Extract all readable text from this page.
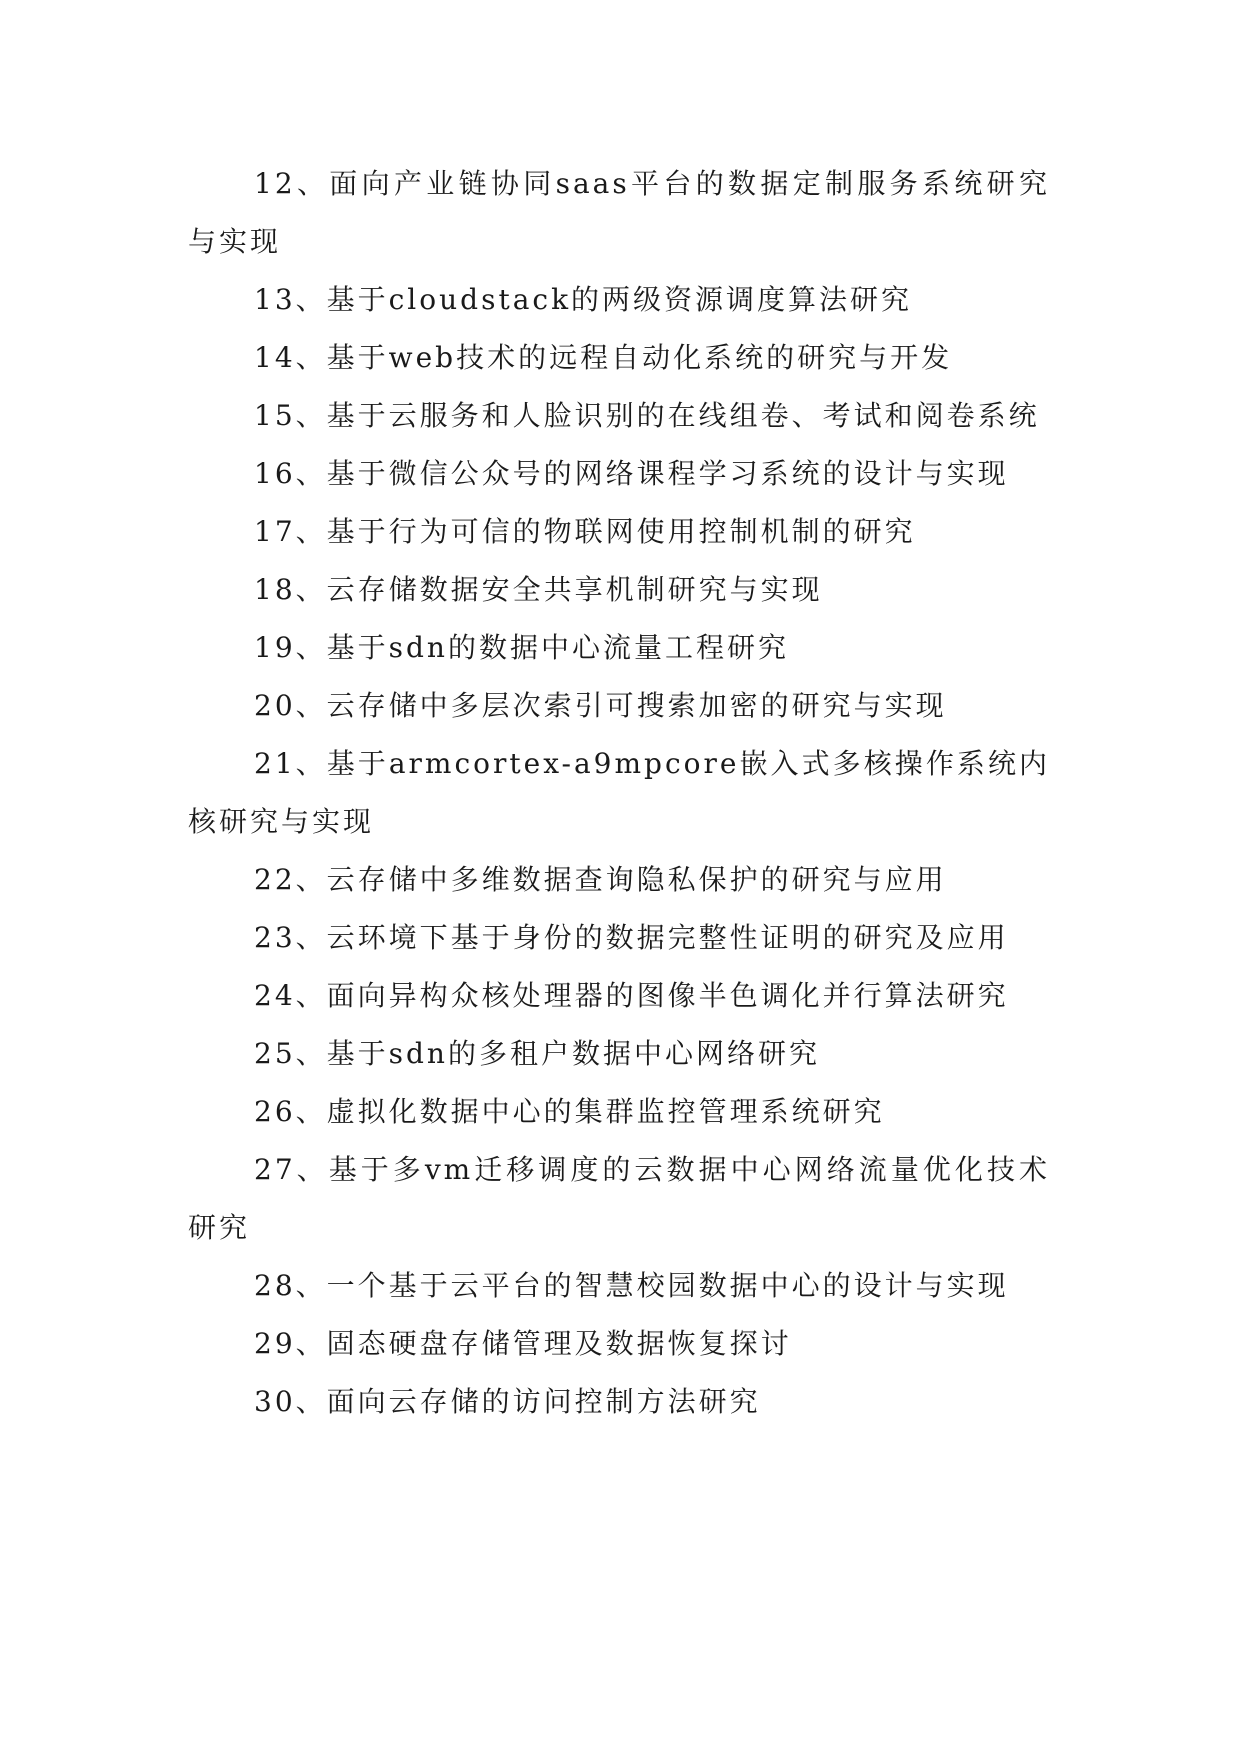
12、面向产业链协同saas平台的数据定制服务系统研究与实现
13、基于cloudstack的两级资源调度算法研究
14、基于web技术的远程自动化系统的研究与开发
15、基于云服务和人脸识别的在线组卷、考试和阅卷系统
16、基于微信公众号的网络课程学习系统的设计与实现
17、基于行为可信的物联网使用控制机制的研究
18、云存储数据安全共享机制研究与实现
19、基于sdn的数据中心流量工程研究
20、云存储中多层次索引可搜索加密的研究与实现
21、基于armcortex-a9mpcore嵌入式多核操作系统内核研究与实现
22、云存储中多维数据查询隐私保护的研究与应用
23、云环境下基于身份的数据完整性证明的研究及应用
24、面向异构众核处理器的图像半色调化并行算法研究
25、基于sdn的多租户数据中心网络研究
26、虚拟化数据中心的集群监控管理系统研究
27、基于多vm迁移调度的云数据中心网络流量优化技术研究
28、一个基于云平台的智慧校园数据中心的设计与实现
29、固态硬盘存储管理及数据恢复探讨
30、面向云存储的访问控制方法研究
